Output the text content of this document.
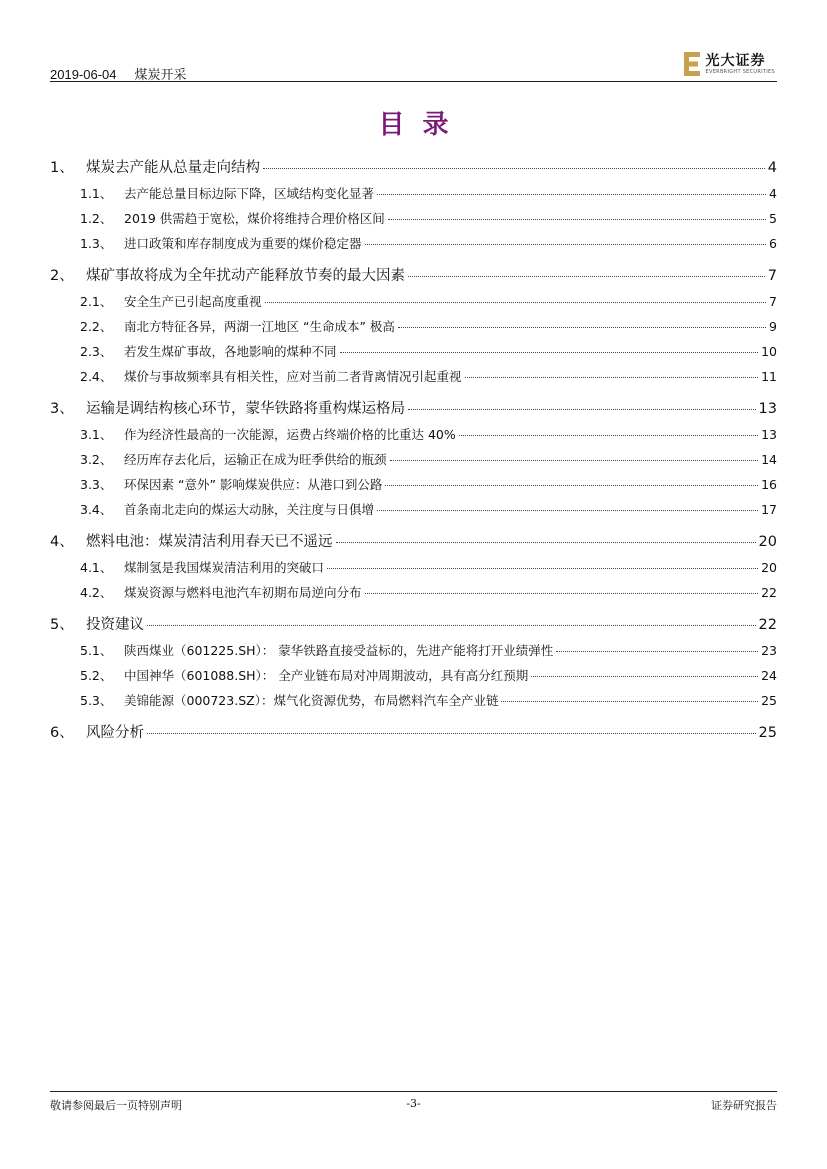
2019-06-04 煤炭开采
光大证券
EVERBRIGHT SECURITIES
目录
1、 煤炭去产能从总量走向结构	4
1.1、 去产能总量目标边际下降，区域结构变化显著	4
1.2、 2019 供需趋于宽松，煤价将维持合理价格区间	5
1.3、 进口政策和库存制度成为重要的煤价稳定器	6
2、 煤矿事故将成为全年扰动产能释放节奏的最大因素	7
2.1、 安全生产已引起高度重视	7
2.2、 南北方特征各异，两湖一江地区 “生命成本” 极高	9
2.3、 若发生煤矿事故，各地影响的煤种不同	10
2.4、 煤价与事故频率具有相关性，应对当前二者背离情况引起重视	11
3、 运输是调结构核心环节，蒙华铁路将重构煤运格局	13
3.1、 作为经济性最高的一次能源，运费占终端价格的比重达 40%	13
3.2、 经历库存去化后，运输正在成为旺季供给的瓶颈	14
3.3、 环保因素 “意外” 影响煤炭供应：从港口到公路	16
3.4、 首条南北走向的煤运大动脉，关注度与日俱增	17
4、 燃料电池：煤炭清洁利用春天已不遥远	20
4.1、 煤制氢是我国煤炭清洁利用的突破口	20
4.2、 煤炭资源与燃料电池汽车初期布局逆向分布	22
5、 投资建议	22
5.1、 陕西煤业（601225.SH）： 蒙华铁路直接受益标的，先进产能将打开业绩弹性	23
5.2、 中国神华（601088.SH）： 全产业链布局对冲周期波动，具有高分红预期	24
5.3、 美锦能源（000723.SZ）：煤气化资源优势，布局燃料汽车全产业链	25
6、 风险分析	25
敬请参阅最后一页特别声明	-3-	证券研究报告
